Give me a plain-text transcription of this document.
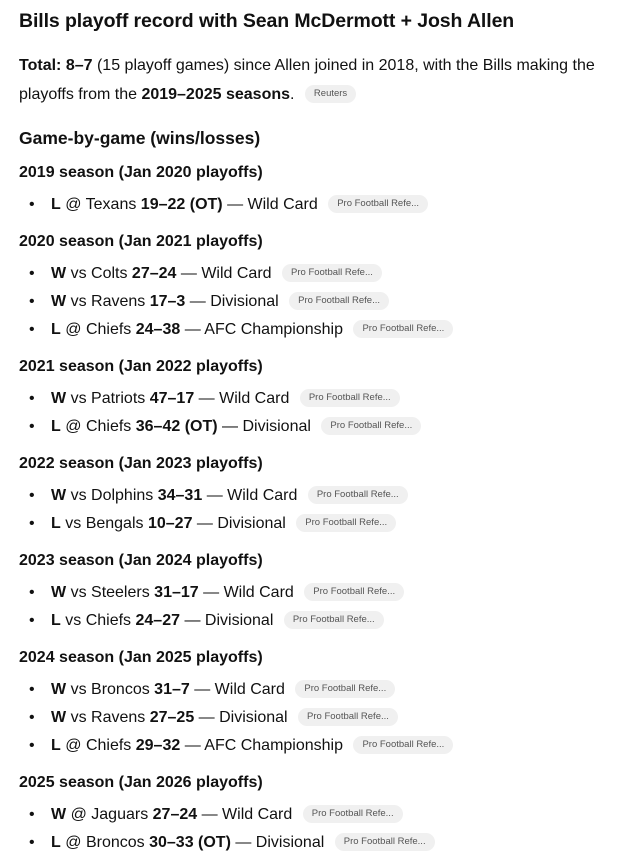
Bills playoff record with Sean McDermott + Josh Allen

Total: 8–7 (15 playoff games) since Allen joined in 2018, with the Bills making the playoffs from the 2019–2025 seasons. Reuters

Game-by-game (wins/losses)
2019 season (Jan 2020 playoffs)
• L @ Texans 19–22 (OT) — Wild Card Pro Football Refe...
2020 season (Jan 2021 playoffs)
• W vs Colts 27–24 — Wild Card Pro Football Refe...
• W vs Ravens 17–3 — Divisional Pro Football Refe...
• L @ Chiefs 24–38 — AFC Championship Pro Football Refe...
2021 season (Jan 2022 playoffs)
• W vs Patriots 47–17 — Wild Card Pro Football Refe...
• L @ Chiefs 36–42 (OT) — Divisional Pro Football Refe...
2022 season (Jan 2023 playoffs)
• W vs Dolphins 34–31 — Wild Card Pro Football Refe...
• L vs Bengals 10–27 — Divisional Pro Football Refe...
2023 season (Jan 2024 playoffs)
• W vs Steelers 31–17 — Wild Card Pro Football Refe...
• L vs Chiefs 24–27 — Divisional Pro Football Refe...
2024 season (Jan 2025 playoffs)
• W vs Broncos 31–7 — Wild Card Pro Football Refe...
• W vs Ravens 27–25 — Divisional Pro Football Refe...
• L @ Chiefs 29–32 — AFC Championship Pro Football Refe...
2025 season (Jan 2026 playoffs)
• W @ Jaguars 27–24 — Wild Card Pro Football Refe...
• L @ Broncos 30–33 (OT) — Divisional Pro Football Refe...
